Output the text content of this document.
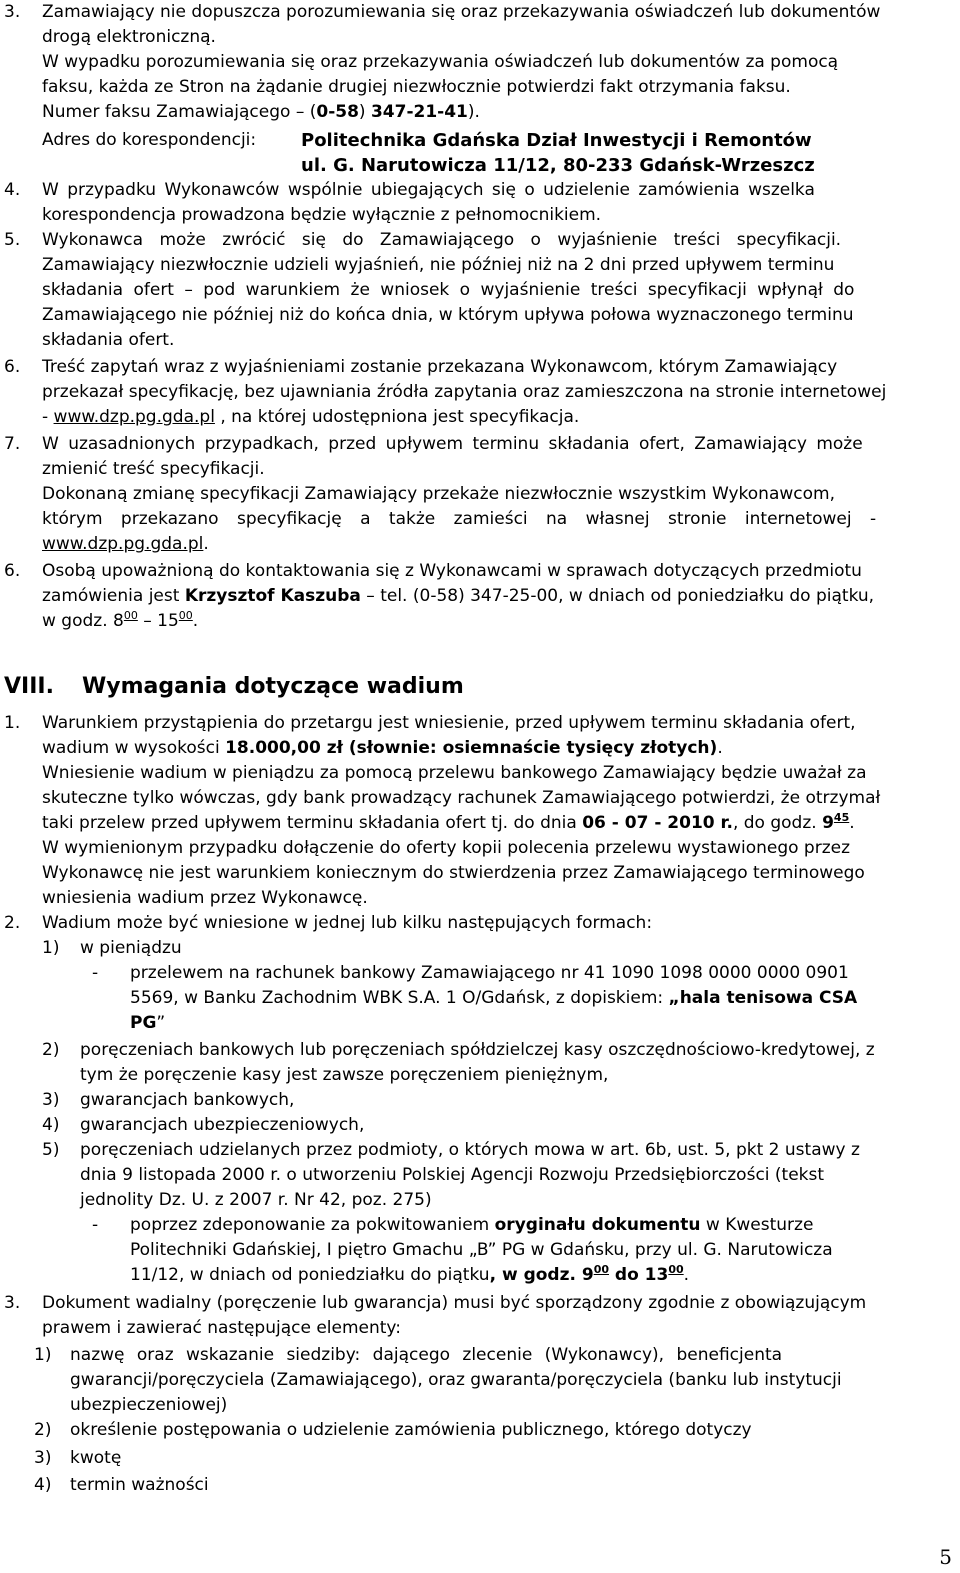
3. Zamawiający nie dopuszcza porozumiewania się oraz przekazywania oświadczeń lub dokumentów
drogą elektroniczną.
W wypadku porozumiewania się oraz przekazywania oświadczeń lub dokumentów za pomocą
faksu, każda ze Stron na żądanie drugiej niezwłocznie potwierdzi fakt otrzymania faksu.
Numer faksu Zamawiającego – (0-58) 347-21-41).
Adres do korespondencji: Politechnika Gdańska Dział Inwestycji i Remontów
ul. G. Narutowicza 11/12, 80-233 Gdańsk-Wrzeszcz
4. W przypadku Wykonawców wspólnie ubiegających się o udzielenie zamówienia wszelka
korespondencja prowadzona będzie wyłącznie z pełnomocnikiem.
5. Wykonawca może zwrócić się do Zamawiającego o wyjaśnienie treści specyfikacji.
Zamawiający niezwłocznie udzieli wyjaśnień, nie później niż na 2 dni przed upływem terminu
składania ofert – pod warunkiem że wniosek o wyjaśnienie treści specyfikacji wpłynął do
Zamawiającego nie później niż do końca dnia, w którym upływa połowa wyznaczonego terminu
składania ofert.
6. Treść zapytań wraz z wyjaśnieniami zostanie przekazana Wykonawcom, którym Zamawiający
przekazał specyfikację, bez ujawniania źródła zapytania oraz zamieszczona na stronie internetowej
- www.dzp.pg.gda.pl , na której udostępniona jest specyfikacja.
7. W uzasadnionych przypadkach, przed upływem terminu składania ofert, Zamawiający może
zmienić treść specyfikacji.
Dokonaną zmianę specyfikacji Zamawiający przekaże niezwłocznie wszystkim Wykonawcom,
którym przekazano specyfikację a także zamieści na własnej stronie internetowej -
www.dzp.pg.gda.pl.
6. Osobą upoważnioną do kontaktowania się z Wykonawcami w sprawach dotyczących przedmiotu
zamówienia jest Krzysztof Kaszuba – tel. (0-58) 347-25-00, w dniach od poniedziałku do piątku,
w godz. $8^{00} - 15^{00}$.
VIII. Wymagania dotyczące wadium
1. Warunkiem przystąpienia do przetargu jest wniesienie, przed upływem terminu składania ofert,
wadium w wysokości 18.000,00 zł (słownie: osiemnaście tysięcy złotych).
Wniesienie wadium w pieniądzu za pomocą przelewu bankowego Zamawiający będzie uważał za
skuteczne tylko wówczas, gdy bank prowadzący rachunek Zamawiającego potwierdzi, że otrzymał
taki przelew przed upływem terminu składania ofert tj. do dnia 06 - 07 - 2010 r., do godz. $9^{45}$.
W wymienionym przypadku dołączenie do oferty kopii polecenia przelewu wystawionego przez
Wykonawcę nie jest warunkiem koniecznym do stwierdzenia przez Zamawiającego terminowego
wniesienia wadium przez Wykonawcę.
2. Wadium może być wniesione w jednej lub kilku następujących formach:
1) w pieniądzu
- przelewem na rachunek bankowy Zamawiającego nr 41 1090 1098 0000 0000 0901
5569, w Banku Zachodnim WBK S.A. 1 O/Gdańsk, z dopiskiem: „hala tenisowa CSA
PG”
2) poręczeniach bankowych lub poręczeniach spółdzielczej kasy oszczędnościowo-kredytowej, z
tym że poręczenie kasy jest zawsze poręczeniem pieniężnym,
3) gwarancjach bankowych,
4) gwarancjach ubezpieczeniowych,
5) poręczeniach udzielanych przez podmioty, o których mowa w art. 6b, ust. 5, pkt 2 ustawy z
dnia 9 listopada 2000 r. o utworzeniu Polskiej Agencji Rozwoju Przedsiębiorczości (tekst
jednolity Dz. U. z 2007 r. Nr 42, poz. 275)
- poprzez zdeponowanie za pokwitowaniem oryginału dokumentu w Kwesturze
Politechniki Gdańskiej, I piętro Gmachu „B” PG w Gdańsku, przy ul. G. Narutowicza
11/12, w dniach od poniedziałku do piątku, w godz. $9^{00}$ do $13^{00}$.
3. Dokument wadialny (poręczenie lub gwarancja) musi być sporządzony zgodnie z obowiązującym
prawem i zawierać następujące elementy:
1) nazwę oraz wskazanie siedziby: dającego zlecenie (Wykonawcy), beneficjenta
gwarancji/poręczyciela (Zamawiającego), oraz gwaranta/poręczyciela (banku lub instytucji
ubezpieczeniowej)
2) określenie postępowania o udzielenie zamówienia publicznego, którego dotyczy
3) kwotę
4) termin ważności
5
